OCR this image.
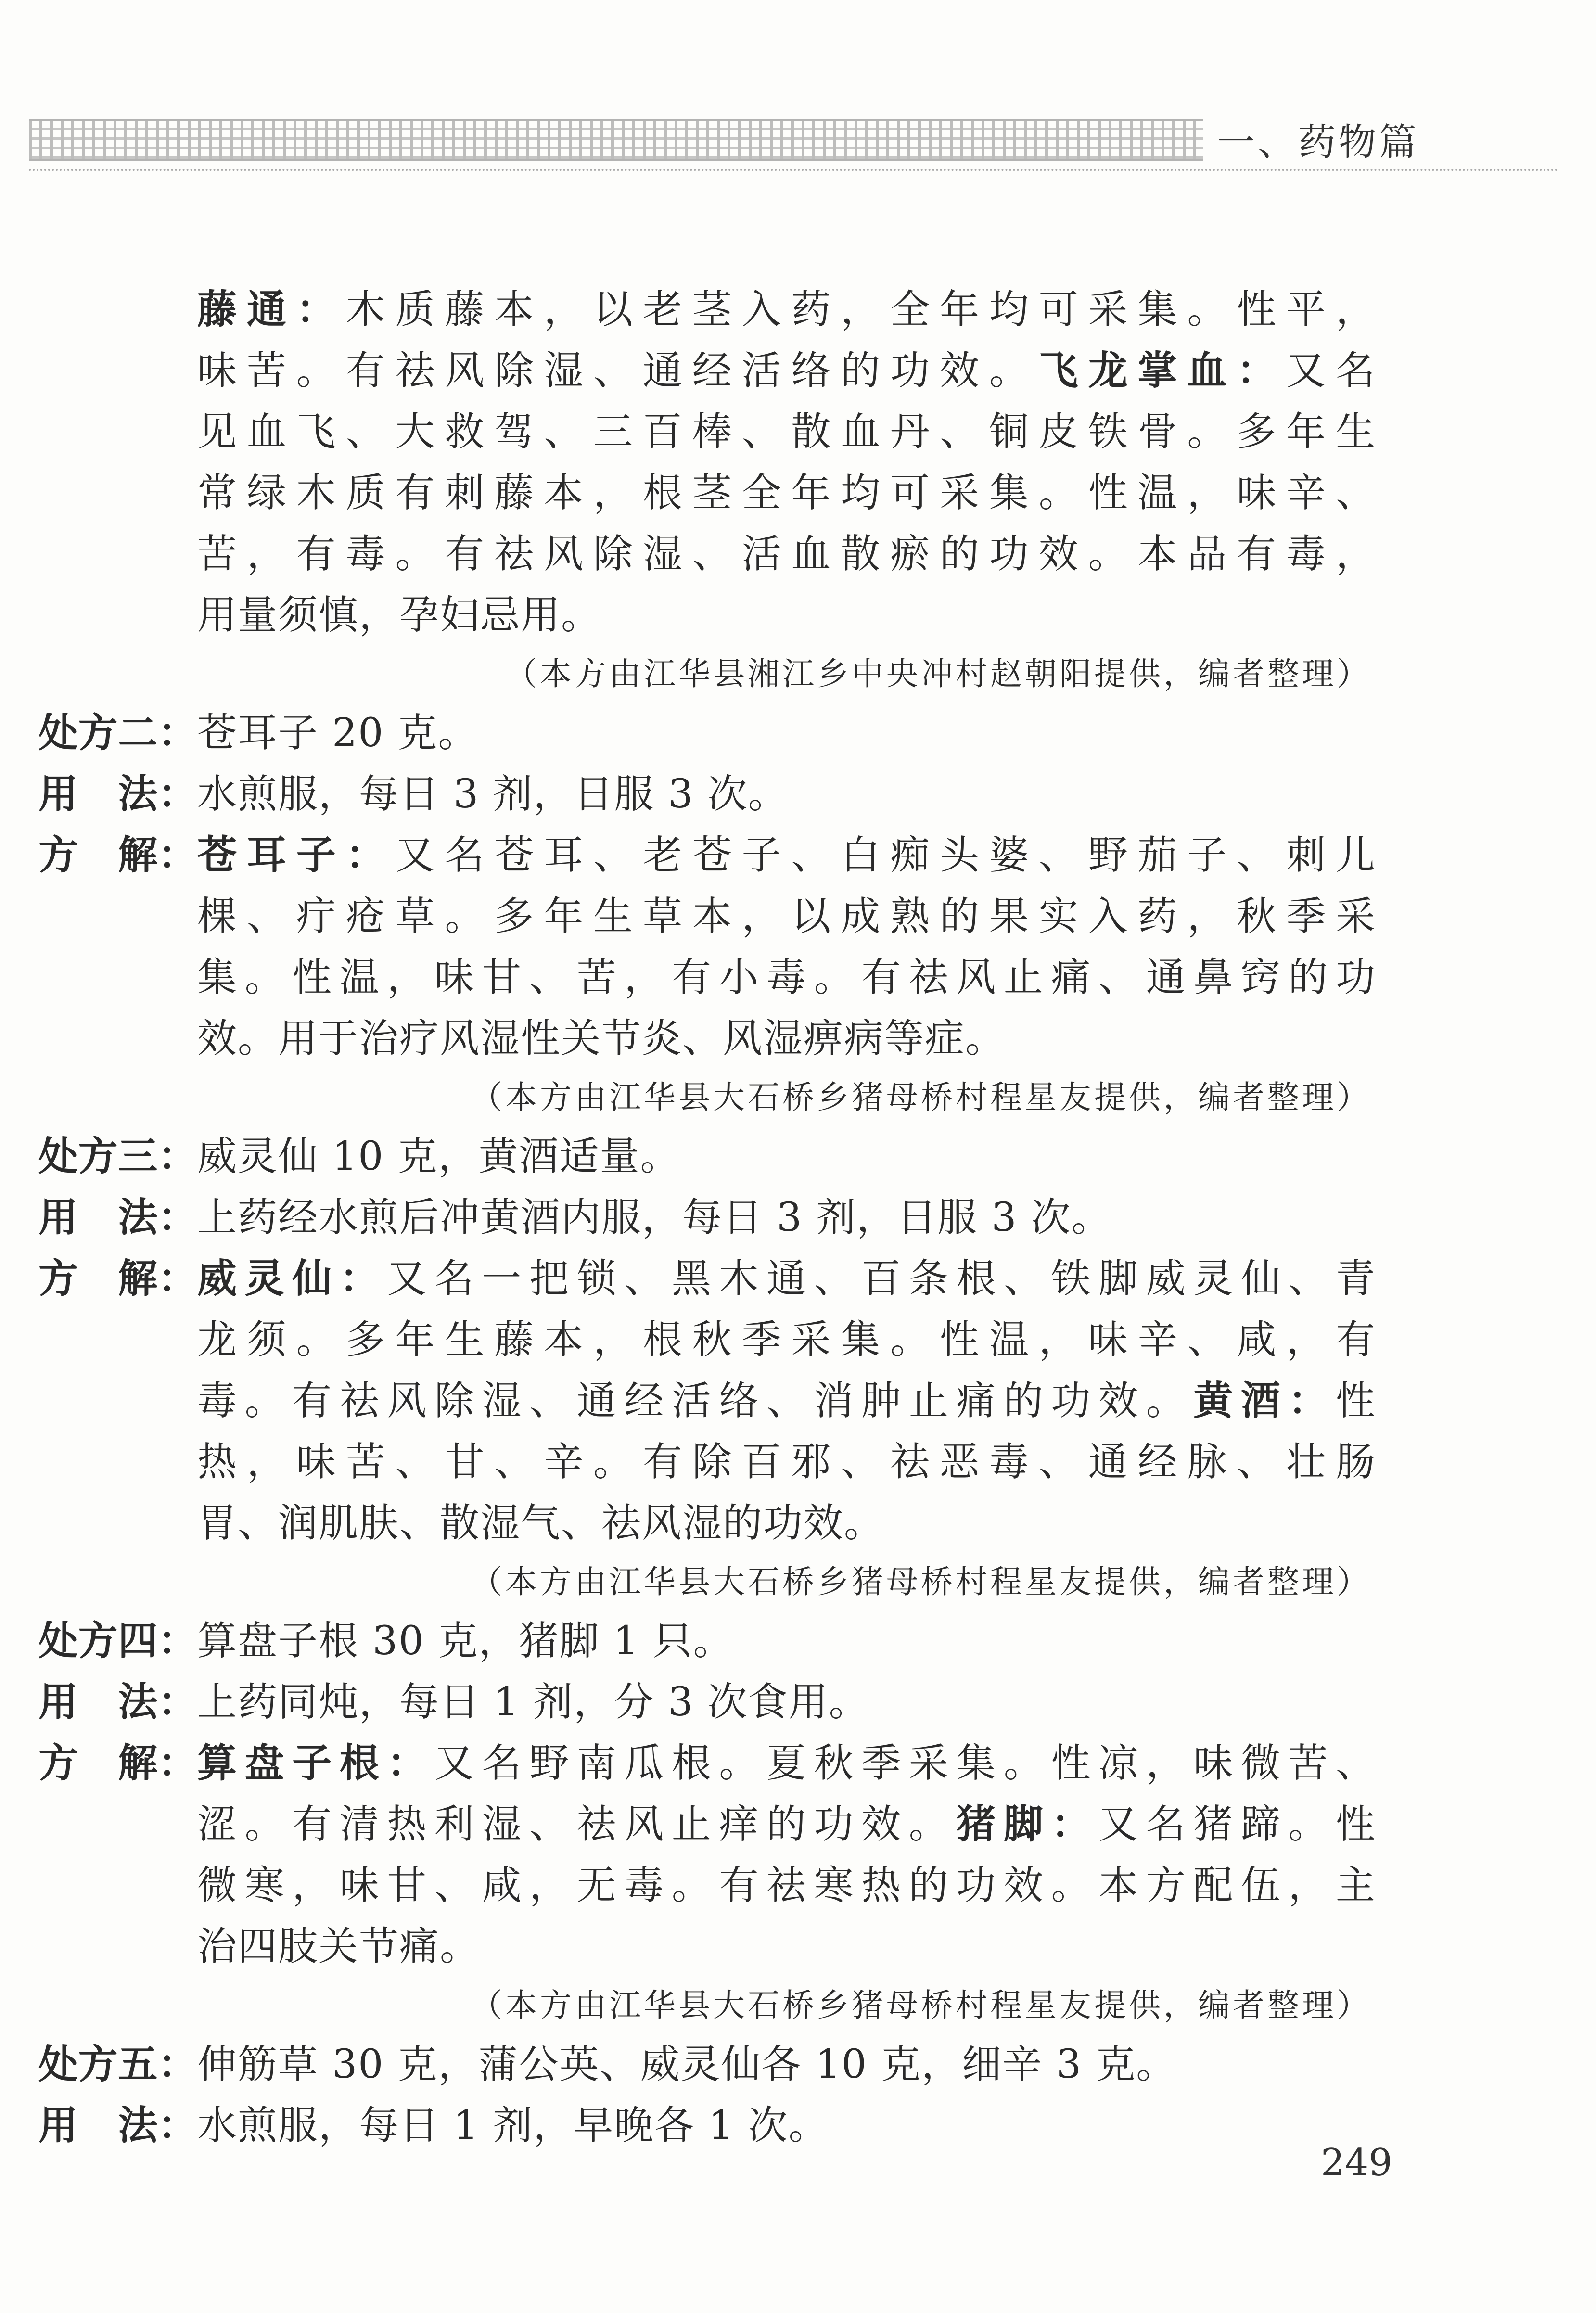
一、药物篇
藤通：木质藤本，以老茎入药，全年均可采集。性平，
味苦。有祛风除湿、通经活络的功效。飞龙掌血：又名
见血飞、大救驾、三百棒、散血丹、铜皮铁骨。多年生
常绿木质有刺藤本，根茎全年均可采集。性温，味辛、
苦，有毒。有祛风除湿、活血散瘀的功效。本品有毒，
用量须慎，孕妇忌用。
（本方由江华县湘江乡中央冲村赵朝阳提供，编者整理）
处方二： 苍耳子 20 克。
用　法： 水煎服，每日 3 剂，日服 3 次。
方　解： 苍耳子：又名苍耳、老苍子、白痴头婆、野茄子、刺儿
棵、疔疮草。多年生草本，以成熟的果实入药，秋季采
集。性温，味甘、苦，有小毒。有祛风止痛、通鼻窍的功
效。用于治疗风湿性关节炎、风湿痹病等症。
（本方由江华县大石桥乡猪母桥村程星友提供，编者整理）
处方三： 威灵仙 10 克，黄酒适量。
用　法： 上药经水煎后冲黄酒内服，每日 3 剂，日服 3 次。
方　解： 威灵仙：又名一把锁、黑木通、百条根、铁脚威灵仙、青
龙须。多年生藤本，根秋季采集。性温，味辛、咸，有
毒。有祛风除湿、通经活络、消肿止痛的功效。黄酒：性
热，味苦、甘、辛。有除百邪、祛恶毒、通经脉、壮肠
胃、润肌肤、散湿气、祛风湿的功效。
（本方由江华县大石桥乡猪母桥村程星友提供，编者整理）
处方四： 算盘子根 30 克，猪脚 1 只。
用　法： 上药同炖，每日 1 剂，分 3 次食用。
方　解： 算盘子根：又名野南瓜根。夏秋季采集。性凉，味微苦、
涩。有清热利湿、祛风止痒的功效。猪脚：又名猪蹄。性
微寒，味甘、咸，无毒。有祛寒热的功效。本方配伍，主
治四肢关节痛。
（本方由江华县大石桥乡猪母桥村程星友提供，编者整理）
处方五： 伸筋草 30 克，蒲公英、威灵仙各 10 克，细辛 3 克。
用　法： 水煎服，每日 1 剂，早晚各 1 次。
249
